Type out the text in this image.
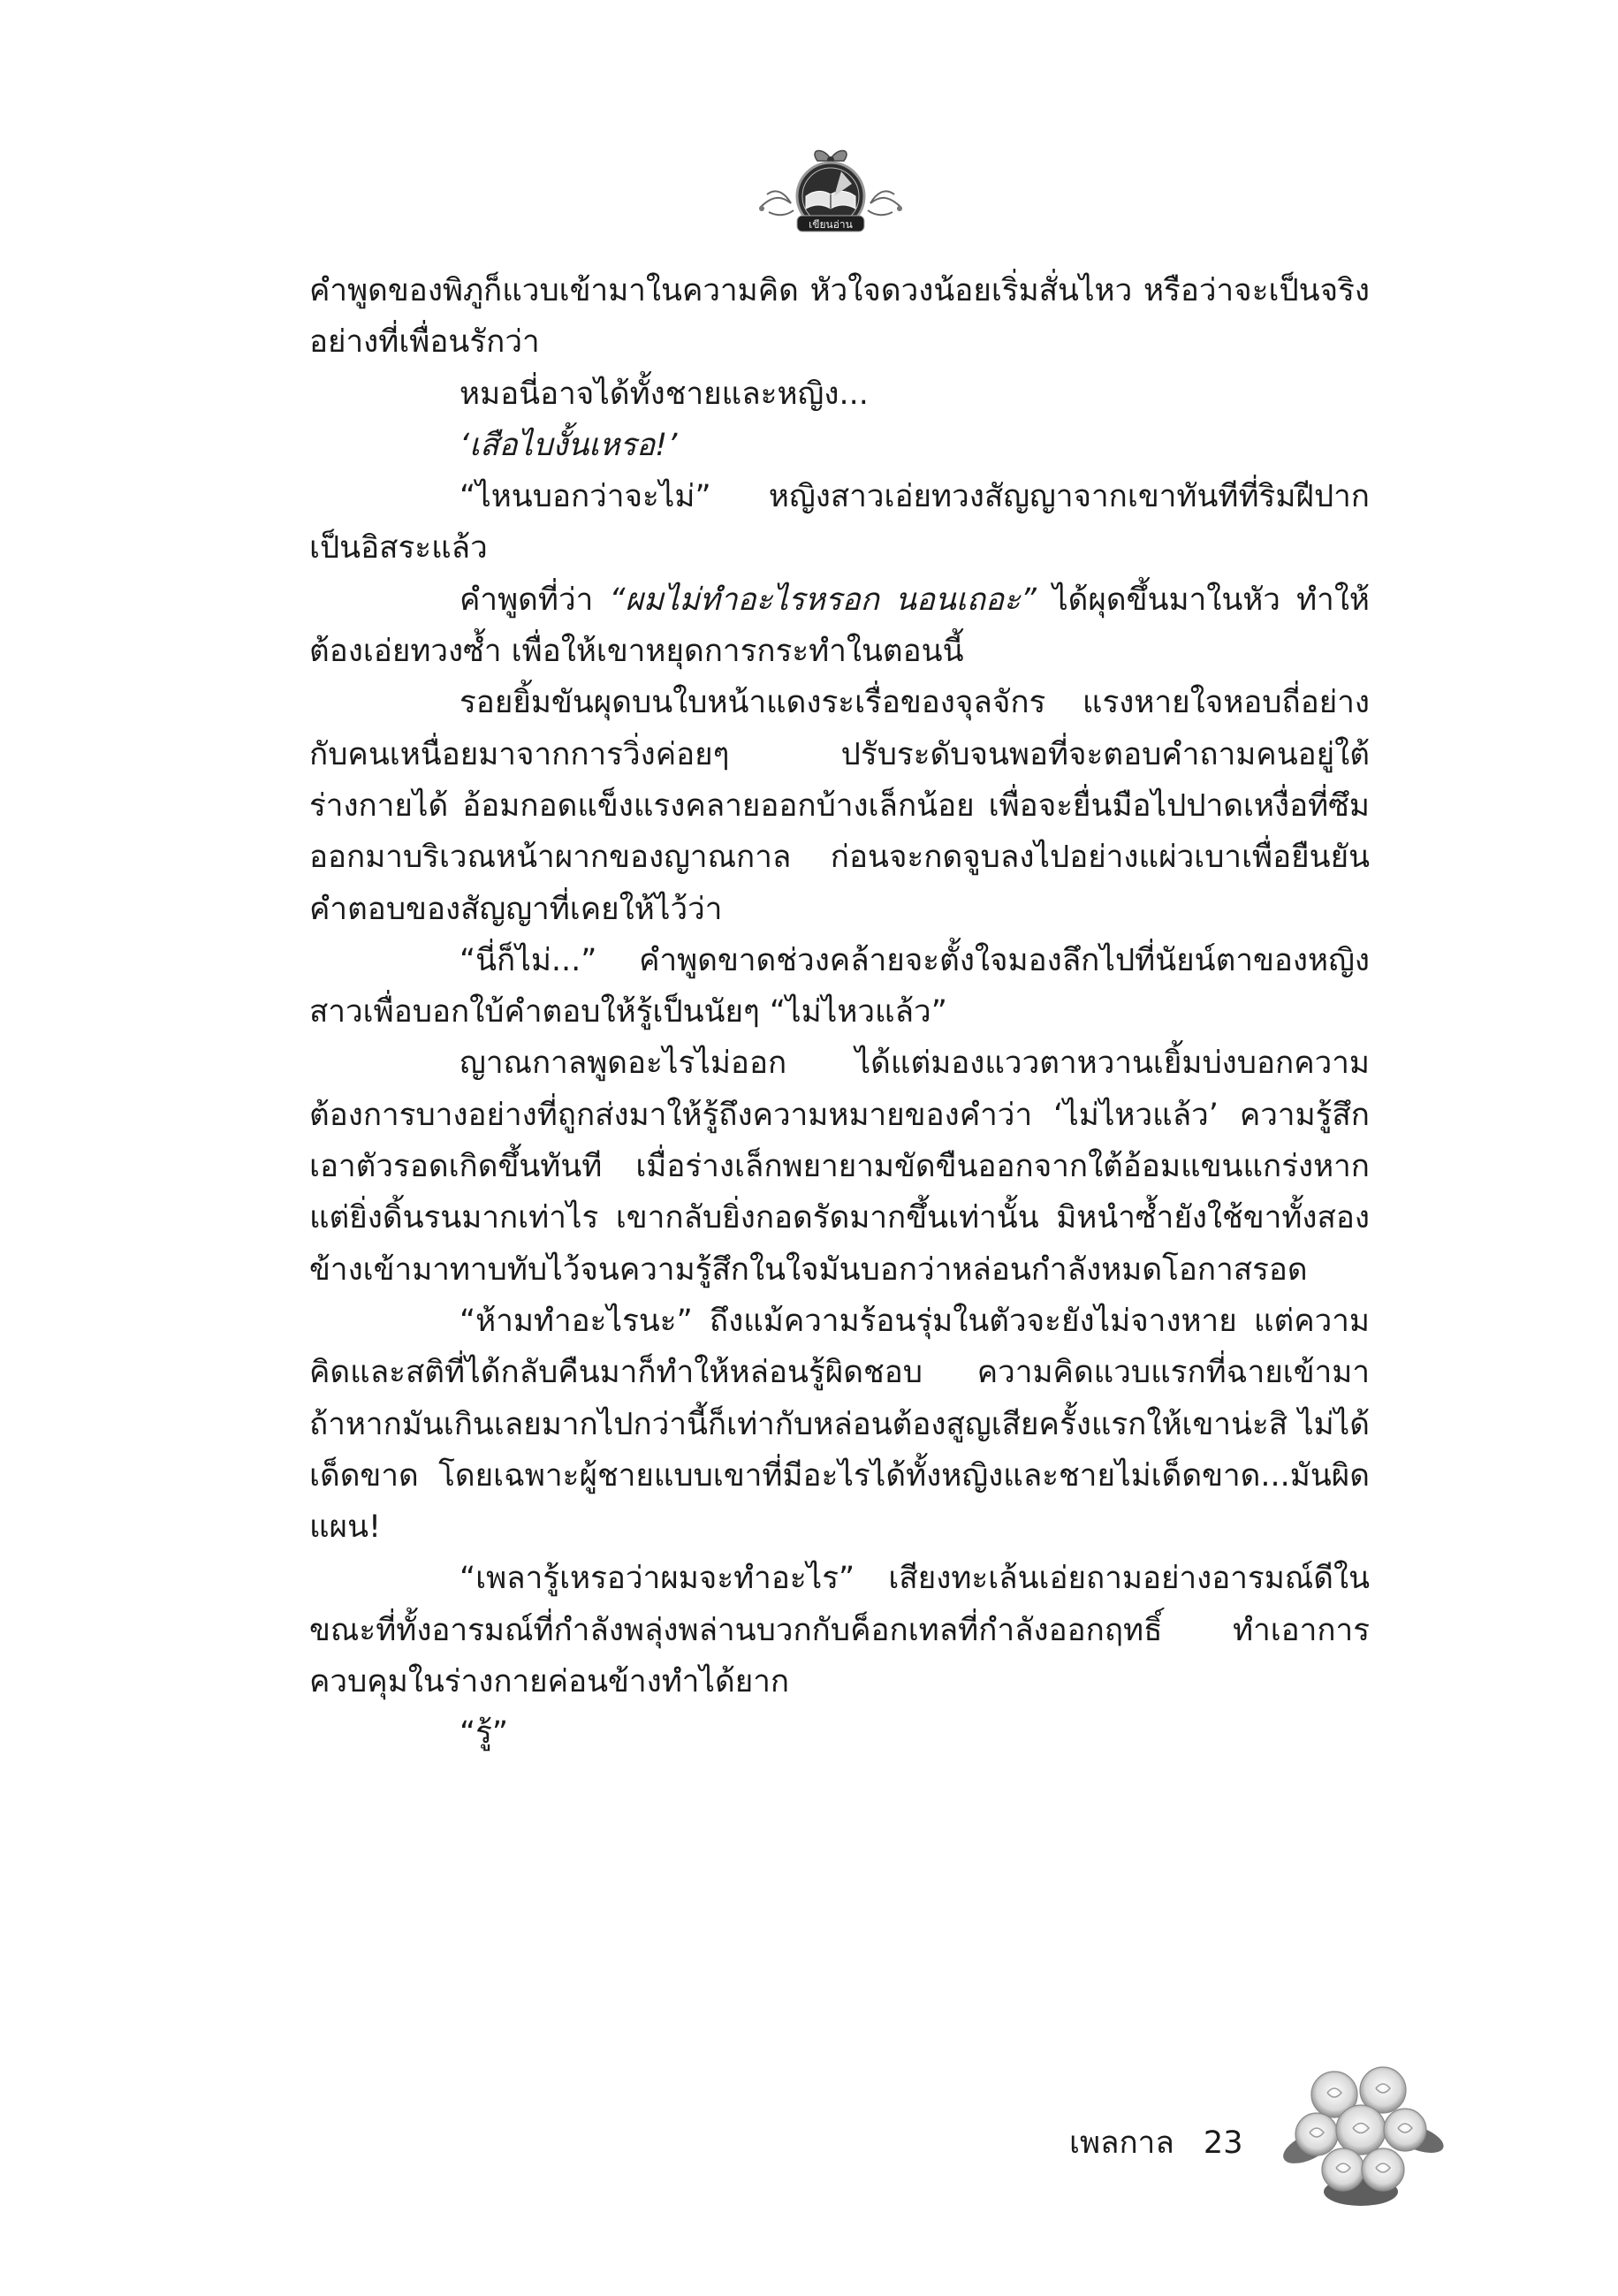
เขียนอ่าน

คำพูดของพิภูก็แวบเข้ามาในความคิด หัวใจดวงน้อยเริ่มสั่นไหว หรือว่าจะเป็นจริงอย่างที่เพื่อนรักว่า

หมอนี่อาจได้ทั้งชายและหญิง...

‘เสือไบงั้นเหรอ!’

“ไหนบอกว่าจะไม่” หญิงสาวเอ่ยทวงสัญญาจากเขาทันทีที่ริมฝีปากเป็นอิสระแล้ว

คำพูดที่ว่า “ผมไม่ทำอะไรหรอก นอนเถอะ” ได้ผุดขึ้นมาในหัว ทำให้ต้องเอ่ยทวงซ้ำ เพื่อให้เขาหยุดการกระทำในตอนนี้

รอยยิ้มขันผุดบนใบหน้าแดงระเรื่อของจุลจักร แรงหายใจหอบถี่อย่างกับคนเหนื่อยมาจากการวิ่งค่อยๆ ปรับระดับจนพอที่จะตอบคำถามคนอยู่ใต้ร่างกายได้ อ้อมกอดแข็งแรงคลายออกบ้างเล็กน้อย เพื่อจะยื่นมือไปปาดเหงื่อที่ซึมออกมาบริเวณหน้าผากของญาณกาล ก่อนจะกดจูบลงไปอย่างแผ่วเบาเพื่อยืนยันคำตอบของสัญญาที่เคยให้ไว้ว่า

“นี่ก็ไม่...” คำพูดขาดช่วงคล้ายจะตั้งใจมองลึกไปที่นัยน์ตาของหญิงสาวเพื่อบอกใบ้คำตอบให้รู้เป็นนัยๆ “ไม่ไหวแล้ว”

ญาณกาลพูดอะไรไม่ออก ได้แต่มองแววตาหวานเยิ้มบ่งบอกความต้องการบางอย่างที่ถูกส่งมาให้รู้ถึงความหมายของคำว่า ‘ไม่ไหวแล้ว’ ความรู้สึกเอาตัวรอดเกิดขึ้นทันที เมื่อร่างเล็กพยายามขัดขืนออกจากใต้อ้อมแขนแกร่งหากแต่ยิ่งดิ้นรนมากเท่าไร เขากลับยิ่งกอดรัดมากขึ้นเท่านั้น มิหนำซ้ำยังใช้ขาทั้งสองข้างเข้ามาทาบทับไว้จนความรู้สึกในใจมันบอกว่าหล่อนกำลังหมดโอกาสรอด

“ห้ามทำอะไรนะ” ถึงแม้ความร้อนรุ่มในตัวจะยังไม่จางหาย แต่ความคิดและสติที่ได้กลับคืนมาก็ทำให้หล่อนรู้ผิดชอบ ความคิดแวบแรกที่ฉายเข้ามา ถ้าหากมันเกินเลยมากไปกว่านี้ก็เท่ากับหล่อนต้องสูญเสียครั้งแรกให้เขาน่ะสิ ไม่ได้เด็ดขาด โดยเฉพาะผู้ชายแบบเขาที่มีอะไรได้ทั้งหญิงและชายไม่เด็ดขาด...มันผิดแผน!

“เพลารู้เหรอว่าผมจะทำอะไร” เสียงทะเล้นเอ่ยถามอย่างอารมณ์ดีในขณะที่ทั้งอารมณ์ที่กำลังพลุ่งพล่านบวกกับค็อกเทลที่กำลังออกฤทธิ์ ทำเอาการควบคุมในร่างกายค่อนข้างทำได้ยาก

“รู้”

เพลกาล 23
